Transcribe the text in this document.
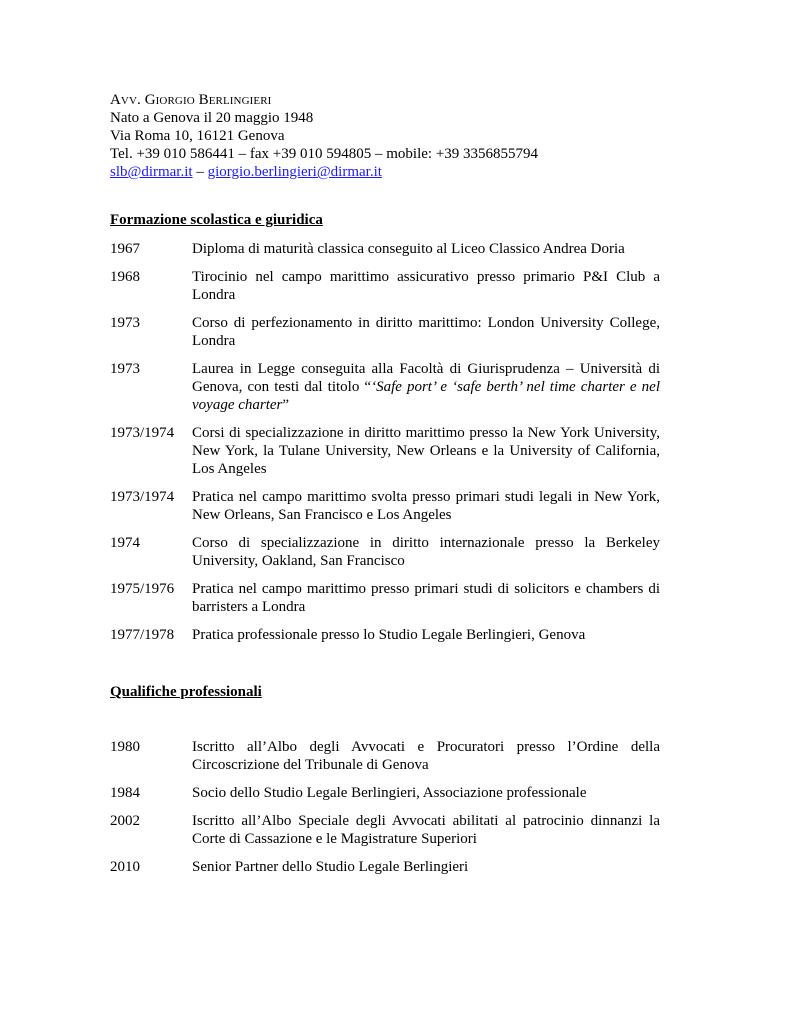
Avv. Giorgio Berlingieri

Nato a Genova il 20 maggio 1948

Via Roma 10, 16121 Genova

Tel. +39 010 586441 – fax +39 010 594805 – mobile: +39 3356855794

slb@dirmar.it – giorgio.berlingieri@dirmar.it

Formazione scolastica e giuridica
1967	Diploma di maturità classica conseguito al Liceo Classico Andrea Doria
1968	Tirocinio nel campo marittimo assicurativo presso primario P&I Club a Londra
1973	Corso di perfezionamento in diritto marittimo: London University College, Londra
1973	Laurea in Legge conseguita alla Facoltà di Giurisprudenza – Università di Genova, con testi dal titolo “‘Safe port’ e ‘safe berth’ nel time charter e nel voyage charter”
1973/1974	Corsi di specializzazione in diritto marittimo presso la New York University, New York, la Tulane University, New Orleans e la University of California, Los Angeles
1973/1974	Pratica nel campo marittimo svolta presso primari studi legali in New York, New Orleans, San Francisco e Los Angeles
1974	Corso di specializzazione in diritto internazionale presso la Berkeley University, Oakland, San Francisco
1975/1976	Pratica nel campo marittimo presso primari studi di solicitors e chambers di barristers a Londra
1977/1978	Pratica professionale presso lo Studio Legale Berlingieri, Genova
Qualifiche professionali
1980	Iscritto all’Albo degli Avvocati e Procuratori presso l’Ordine della Circoscrizione del Tribunale di Genova
1984	Socio dello Studio Legale Berlingieri, Associazione professionale
2002	Iscritto all’Albo Speciale degli Avvocati abilitati al patrocinio dinnanzi la Corte di Cassazione e le Magistrature Superiori
2010	Senior Partner dello Studio Legale Berlingieri
